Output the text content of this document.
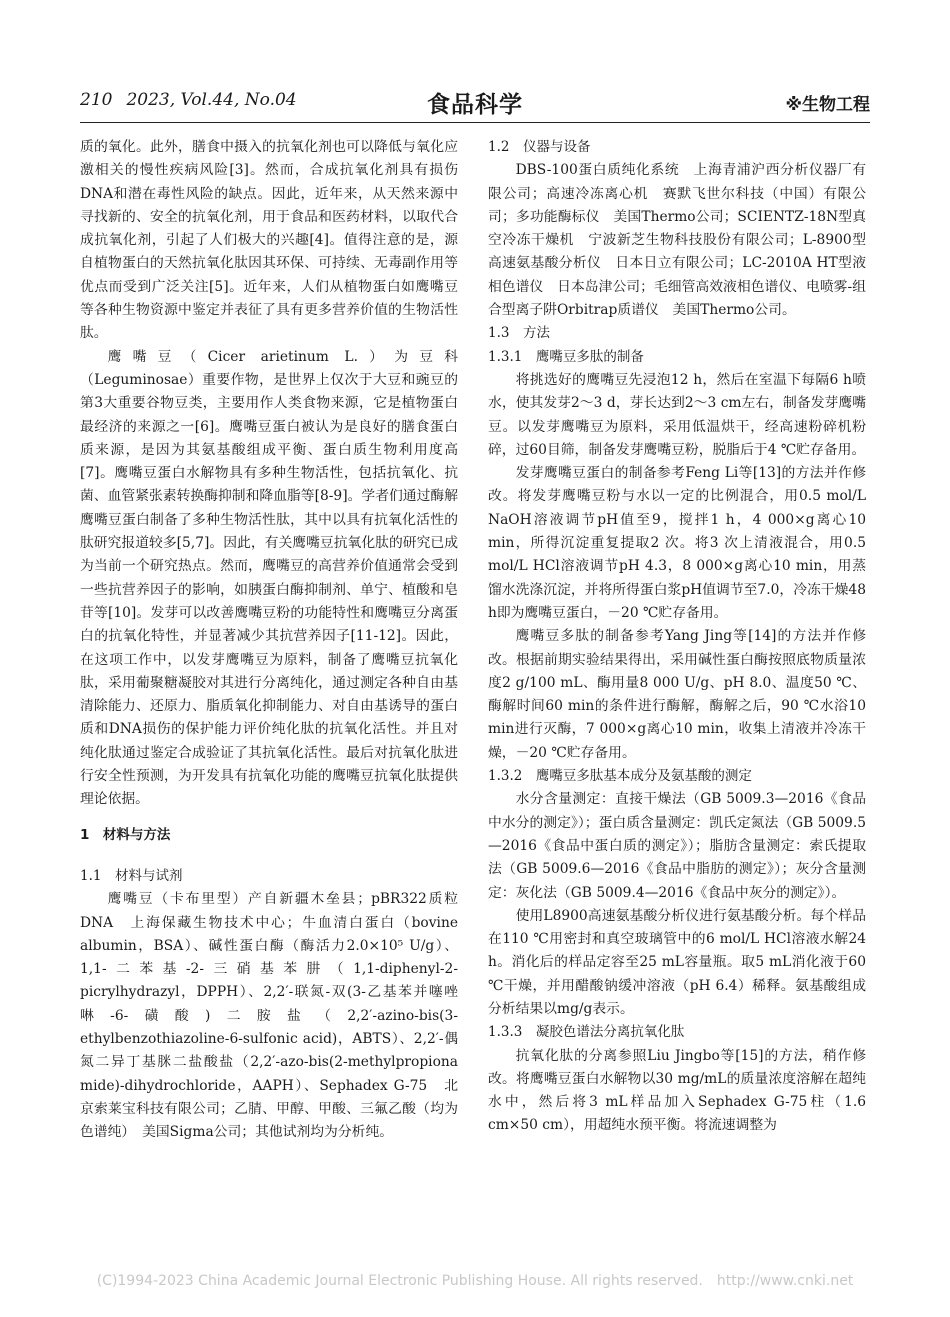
210 2023, Vol.44, No.04	食品科学	※生物工程

质的氧化。此外，膳食中摄入的抗氧化剂也可以降低与氧化应激相关的慢性疾病风险[3]。然而，合成抗氧化剂具有损伤DNA和潜在毒性风险的缺点。因此，近年来，从天然来源中寻找新的、安全的抗氧化剂，用于食品和医药材料，以取代合成抗氧化剂，引起了人们极大的兴趣[4]。值得注意的是，源自植物蛋白的天然抗氧化肽因其环保、可持续、无毒副作用等优点而受到广泛关注[5]。近年来，人们从植物蛋白如鹰嘴豆等各种生物资源中鉴定并表征了具有更多营养价值的生物活性肽。

鹰嘴豆（Cicer arietinum L.）为豆科（Leguminosae）重要作物，是世界上仅次于大豆和豌豆的第3大重要谷物豆类，主要用作人类食物来源，它是植物蛋白最经济的来源之一[6]。鹰嘴豆蛋白被认为是良好的膳食蛋白质来源，是因为其氨基酸组成平衡、蛋白质生物利用度高[7]。鹰嘴豆蛋白水解物具有多种生物活性，包括抗氧化、抗菌、血管紧张素转换酶抑制和降血脂等[8-9]。学者们通过酶解鹰嘴豆蛋白制备了多种生物活性肽，其中以具有抗氧化活性的肽研究报道较多[5,7]。因此，有关鹰嘴豆抗氧化肽的研究已成为当前一个研究热点。然而，鹰嘴豆的高营养价值通常会受到一些抗营养因子的影响，如胰蛋白酶抑制剂、单宁、植酸和皂苷等[10]。发芽可以改善鹰嘴豆粉的功能特性和鹰嘴豆分离蛋白的抗氧化特性，并显著减少其抗营养因子[11-12]。因此，在这项工作中，以发芽鹰嘴豆为原料，制备了鹰嘴豆抗氧化肽，采用葡聚糖凝胶对其进行分离纯化，通过测定各种自由基清除能力、还原力、脂质氧化抑制能力、对自由基诱导的蛋白质和DNA损伤的保护能力评价纯化肽的抗氧化活性。并且对纯化肽通过鉴定合成验证了其抗氧化活性。最后对抗氧化肽进行安全性预测，为开发具有抗氧化功能的鹰嘴豆抗氧化肽提供理论依据。

1　材料与方法

1.1　材料与试剂

鹰嘴豆（卡布里型）产自新疆木垒县；pBR322质粒DNA　上海保藏生物技术中心；牛血清白蛋白（bovine albumin，BSA）、碱性蛋白酶（酶活力2.0×10⁵ U/g）、1,1-二苯基-2-三硝基苯肼（1,1-diphenyl-2-picrylhydrazyl，DPPH）、2,2′-联氮-双(3-乙基苯并噻唑啉-6-磺酸)二胺盐（2,2′-azino-bis(3-ethylbenzothiazoline-6-sulfonic acid)，ABTS）、2,2′-偶氮二异丁基脒二盐酸盐（2,2′-azo-bis(2-methylpropiona mide)-dihydrochloride，AAPH）、Sephadex G-75　北京索莱宝科技有限公司；乙腈、甲醇、甲酸、三氟乙酸（均为色谱纯）　美国Sigma公司；其他试剂均为分析纯。

1.2　仪器与设备

DBS-100蛋白质纯化系统　上海青浦沪西分析仪器厂有限公司；高速冷冻离心机　赛默飞世尔科技（中国）有限公司；多功能酶标仪　美国Thermo公司；SCIENTZ-18N型真空冷冻干燥机　宁波新芝生物科技股份有限公司；L-8900型高速氨基酸分析仪　日本日立有限公司；LC-2010A HT型液相色谱仪　日本岛津公司；毛细管高效液相色谱仪、电喷雾-组合型离子阱Orbitrap质谱仪　美国Thermo公司。

1.3　方法

1.3.1　鹰嘴豆多肽的制备

将挑选好的鹰嘴豆先浸泡12 h，然后在室温下每隔6 h喷水，使其发芽2～3 d，芽长达到2～3 cm左右，制备发芽鹰嘴豆。以发芽鹰嘴豆为原料，采用低温烘干，经高速粉碎机粉碎，过60目筛，制备发芽鹰嘴豆粉，脱脂后于4 ℃贮存备用。

发芽鹰嘴豆蛋白的制备参考Feng Li等[13]的方法并作修改。将发芽鹰嘴豆粉与水以一定的比例混合，用0.5 mol/L NaOH溶液调节pH值至9，搅拌1 h，4 000×g离心10 min，所得沉淀重复提取2 次。将3 次上清液混合，用0.5 mol/L HCl溶液调节pH 4.3，8 000×g离心10 min，用蒸馏水洗涤沉淀，并将所得蛋白浆pH值调节至7.0，冷冻干燥48 h即为鹰嘴豆蛋白，－20 ℃贮存备用。

鹰嘴豆多肽的制备参考Yang Jing等[14]的方法并作修改。根据前期实验结果得出，采用碱性蛋白酶按照底物质量浓度2 g/100 mL、酶用量8 000 U/g、pH 8.0、温度50 ℃、酶解时间60 min的条件进行酶解，酶解之后，90 ℃水浴10 min进行灭酶，7 000×g离心10 min，收集上清液并冷冻干燥，－20 ℃贮存备用。

1.3.2　鹰嘴豆多肽基本成分及氨基酸的测定

水分含量测定：直接干燥法（GB 5009.3—2016《食品中水分的测定》）；蛋白质含量测定：凯氏定氮法（GB 5009.5—2016《食品中蛋白质的测定》）；脂肪含量测定：索氏提取法（GB 5009.6—2016《食品中脂肪的测定》）；灰分含量测定：灰化法（GB 5009.4—2016《食品中灰分的测定》）。

使用L8900高速氨基酸分析仪进行氨基酸分析。每个样品在110 ℃用密封和真空玻璃管中的6 mol/L HCl溶液水解24 h。消化后的样品定容至25 mL容量瓶。取5 mL消化液于60 ℃干燥，并用醋酸钠缓冲溶液（pH 6.4）稀释。氨基酸组成分析结果以mg/g表示。

1.3.3　凝胶色谱法分离抗氧化肽

抗氧化肽的分离参照Liu Jingbo等[15]的方法，稍作修改。将鹰嘴豆蛋白水解物以30 mg/mL的质量浓度溶解在超纯水中，然后将3 mL样品加入Sephadex G-75柱（1.6 cm×50 cm），用超纯水预平衡。将流速调整为

(C)1994-2023 China Academic Journal Electronic Publishing House. All rights reserved.　http://www.cnki.net
